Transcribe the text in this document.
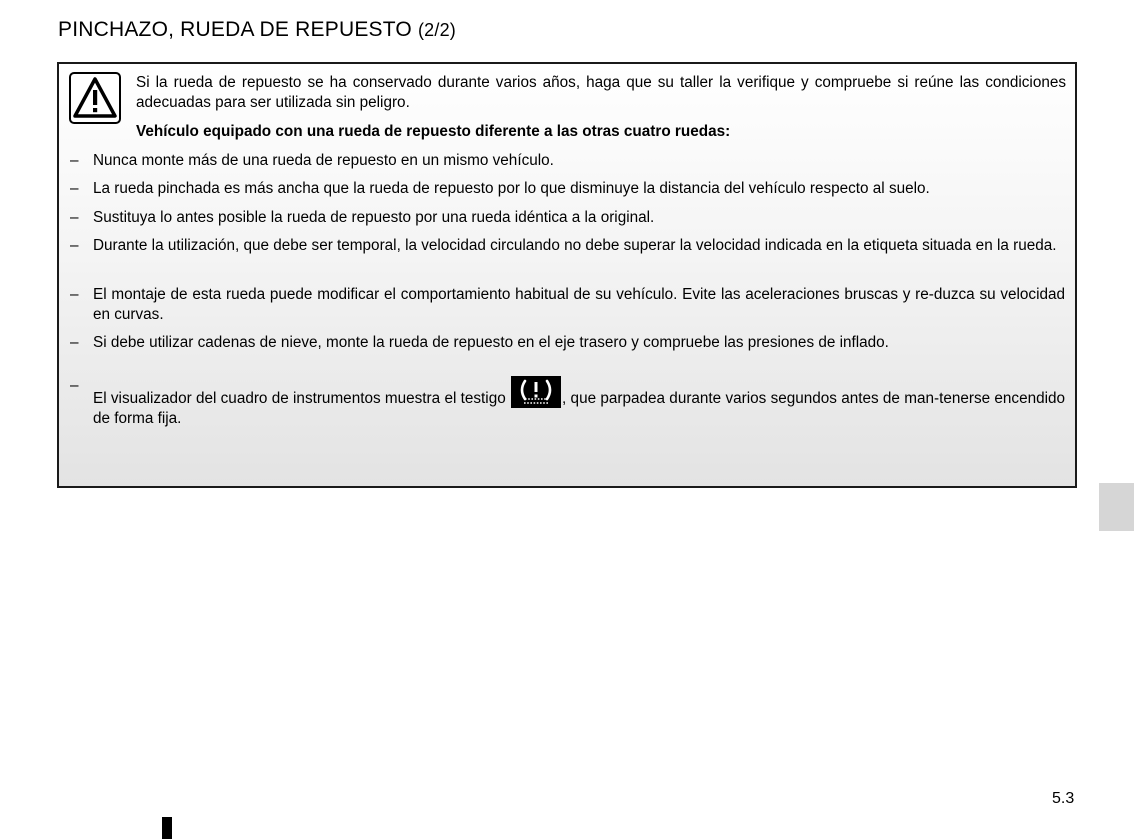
PINCHAZO, RUEDA DE REPUESTO (2/2)
Si la rueda de repuesto se ha conservado durante varios años, haga que su taller la verifique y compruebe si reúne las condiciones adecuadas para ser utilizada sin peligro.
Vehículo equipado con una rueda de repuesto diferente a las otras cuatro ruedas:
– Nunca monte más de una rueda de repuesto en un mismo vehículo.
– La rueda pinchada es más ancha que la rueda de repuesto por lo que disminuye la distancia del vehículo respecto al suelo.
– Sustituya lo antes posible la rueda de repuesto por una rueda idéntica a la original.
– Durante la utilización, que debe ser temporal, la velocidad circulando no debe superar la velocidad indicada en la etiqueta situada en la rueda.
– El montaje de esta rueda puede modificar el comportamiento habitual de su vehículo. Evite las aceleraciones bruscas y re-duzca su velocidad en curvas.
– Si debe utilizar cadenas de nieve, monte la rueda de repuesto en el eje trasero y compruebe las presiones de inflado.
–
El visualizador del cuadro de instrumentos muestra el testigo	, que parpadea durante varios segundos antes de man-tenerse encendido de forma fija.
5.3
